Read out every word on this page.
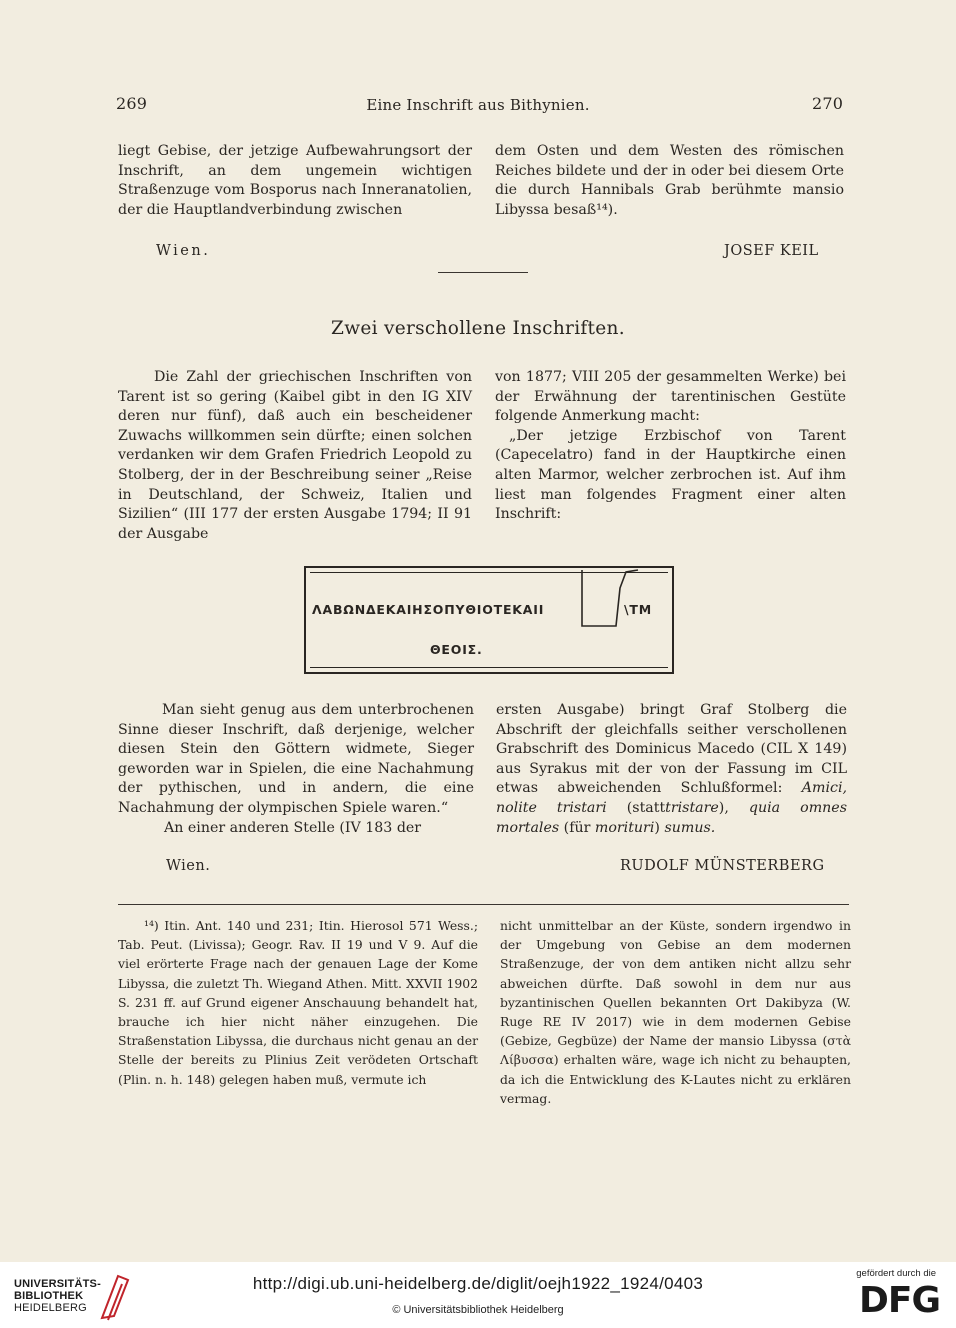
269	Eine Inschrift aus Bithynien.	270

liegt Gebise, der jetzige Aufbewahrungsort der Inschrift, an dem ungemein wichtigen Straßenzuge vom Bosporus nach Inneranatolien, der die Hauptlandverbindung zwischen

dem Osten und dem Westen des römischen Reiches bildete und der in oder bei diesem Orte die durch Hannibals Grab berühmte mansio Libyssa besaß¹⁴).

Wien.	JOSEF KEIL
Zwei verschollene Inschriften.

Die Zahl der griechischen Inschriften von Tarent ist so gering (Kaibel gibt in den IG XIV deren nur fünf), daß auch ein bescheidener Zuwachs willkommen sein dürfte; einen solchen verdanken wir dem Grafen Friedrich Leopold zu Stolberg, der in der Beschreibung seiner „Reise in Deutschland, der Schweiz, Italien und Sizilien“ (III 177 der ersten Ausgabe 1794; II 91 der Ausgabe

von 1877; VIII 205 der gesammelten Werke) bei der Erwähnung der tarentinischen Gestüte folgende Anmerkung macht:

„Der jetzige Erzbischof von Tarent (Capecelatro) fand in der Hauptkirche einen alten Marmor, welcher zerbrochen ist. Auf ihm liest man folgendes Fragment einer alten Inschrift:

ΛΑΒΩΝΔΕΚΑΙΗΣΟΠΥΘΙΟΤΕΚΑΙΙ	\ΤΜ
ΘΕΟΙΣ.

Man sieht genug aus dem unterbrochenen Sinne dieser Inschrift, daß derjenige, welcher diesen Stein den Göttern widmete, Sieger geworden war in Spielen, die eine Nachahmung der pythischen, und in andern, die eine Nachahmung der olympischen Spiele waren.“

An einer anderen Stelle (IV 183 der

ersten Ausgabe) bringt Graf Stolberg die Abschrift der gleichfalls seither verschollenen Grabschrift des Dominicus Macedo (CIL X 149) aus Syrakus mit der von der Fassung im CIL etwas abweichenden Schlußformel: Amici, nolite tristari (statttristare), quia omnes mortales (für morituri) sumus.

Wien.	RUDOLF MÜNSTERBERG

¹⁴) Itin. Ant. 140 und 231; Itin. Hierosol 571 Wess.; Tab. Peut. (Livissa); Geogr. Rav. II 19 und V 9. Auf die viel erörterte Frage nach der genauen Lage der Kome Libyssa, die zuletzt Th. Wiegand Athen. Mitt. XXVII 1902 S. 231 ff. auf Grund eigener Anschauung behandelt hat, brauche ich hier nicht näher einzugehen. Die Straßenstation Libyssa, die durchaus nicht genau an der Stelle der bereits zu Plinius Zeit verödeten Ortschaft (Plin. n. h. 148) gelegen haben muß, vermute ich

nicht unmittelbar an der Küste, sondern irgendwo in der Umgebung von Gebise an dem modernen Straßenzuge, der von dem antiken nicht allzu sehr abweichen dürfte. Daß sowohl in dem nur aus byzantinischen Quellen bekannten Ort Dakibyza (W. Ruge RE IV 2017) wie in dem modernen Gebise (Gebize, Gegbüze) der Name der mansio Libyssa (στὰ Λίβυσσα) erhalten wäre, wage ich nicht zu behaupten, da ich die Entwicklung des K-Lautes nicht zu erklären vermag.

UNIVERSITÄTS-
BIBLIOTHEK
HEIDELBERG
http://digi.ub.uni-heidelberg.de/diglit/oejh1922_1924/0403
© Universitätsbibliothek Heidelberg
gefördert durch die
DFG
